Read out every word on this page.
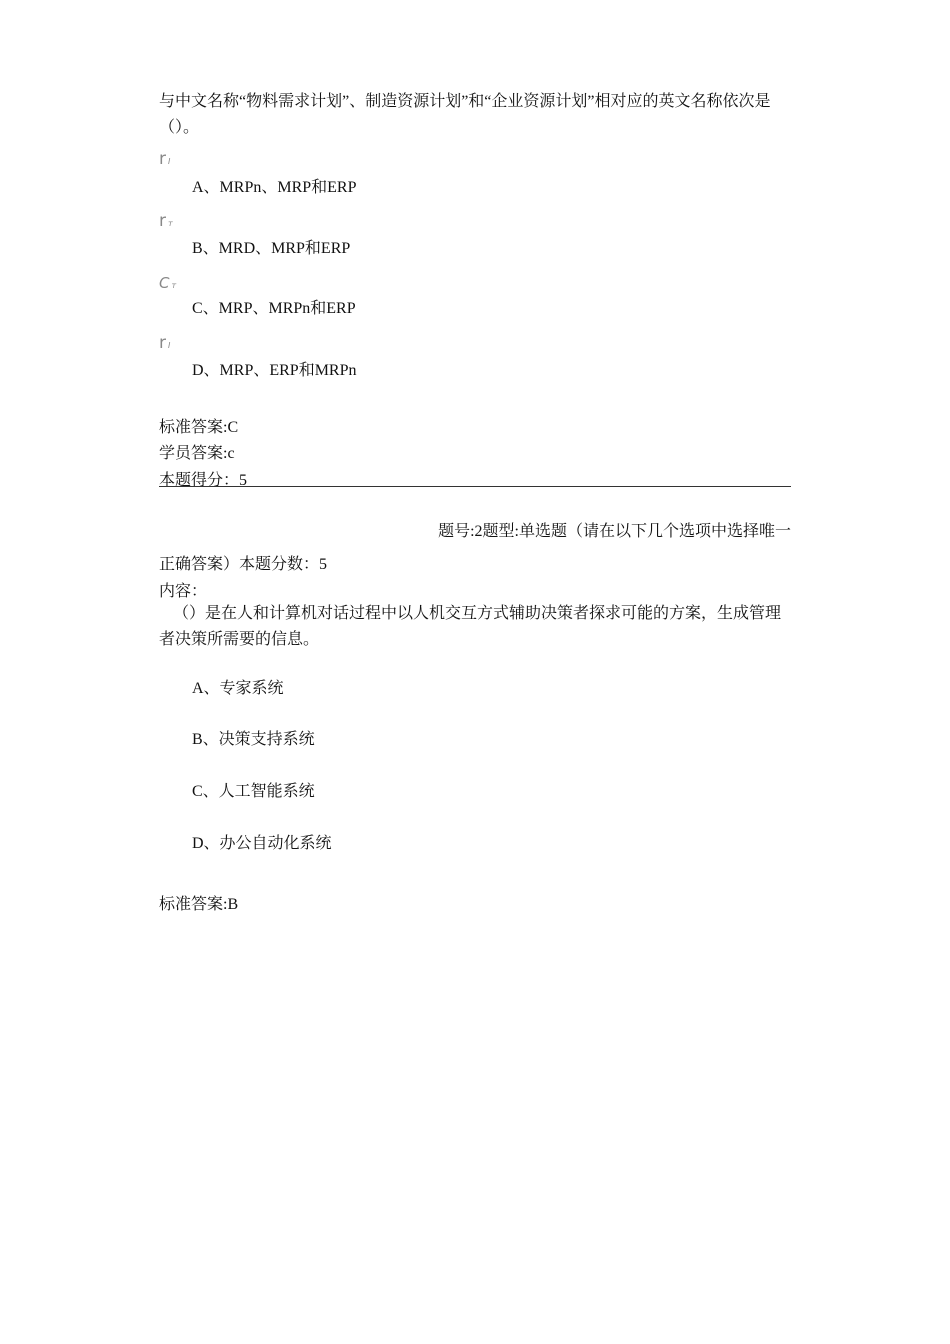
与中文名称“物料需求计划”、制造资源计划”和“企业资源计划”相对应的英文名称依次是（）。
r I
A、MRPn、MRP和ERP
rт
B、MRD、MRP和ERP
Cт
C、MRP、MRPn和ERP
r I
D、MRP、ERP和MRPn
标准答案:C
学员答案:c
本题得分：5
题号:2题型:单选题（请在以下几个选项中选择唯一
正确答案）本题分数：5
内容：
（）是在人和计算机对话过程中以人机交互方式辅助决策者探求可能的方案，生成管理者决策所需要的信息。
A、专家系统
B、决策支持系统
C、人工智能系统
D、办公自动化系统
标准答案:B
